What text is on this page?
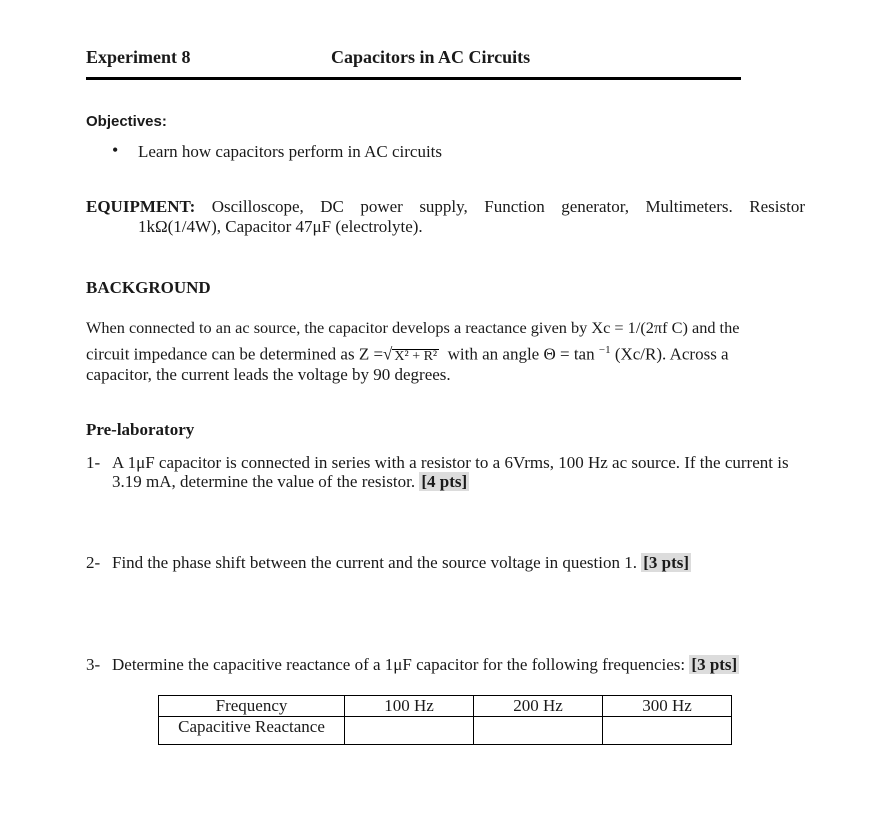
Experiment 8	Capacitors in AC Circuits
Objectives:
• Learn how capacitors perform in AC circuits
EQUIPMENT: Oscilloscope, DC power supply, Function generator, Multimeters. Resistor
1kΩ(1/4W), Capacitor 47μF (electrolyte).
BACKGROUND
When connected to an ac source, the capacitor develops a reactance given by Xc = 1/(2πf C) and the
circuit impedance can be determined as Z =√ X² + R² with an angle Θ = tan $^{-1}$ (Xc/R). Across a
capacitor, the current leads the voltage by 90 degrees.
Pre-laboratory
1- A 1μF capacitor is connected in series with a resistor to a 6Vrms, 100 Hz ac source. If the current is
3.19 mA, determine the value of the resistor. [4 pts]
2- Find the phase shift between the current and the source voltage in question 1. [3 pts]
3- Determine the capacitive reactance of a 1μF capacitor for the following frequencies: [3 pts]
Frequency	100 Hz	200 Hz	300 Hz
Capacitive Reactance			
